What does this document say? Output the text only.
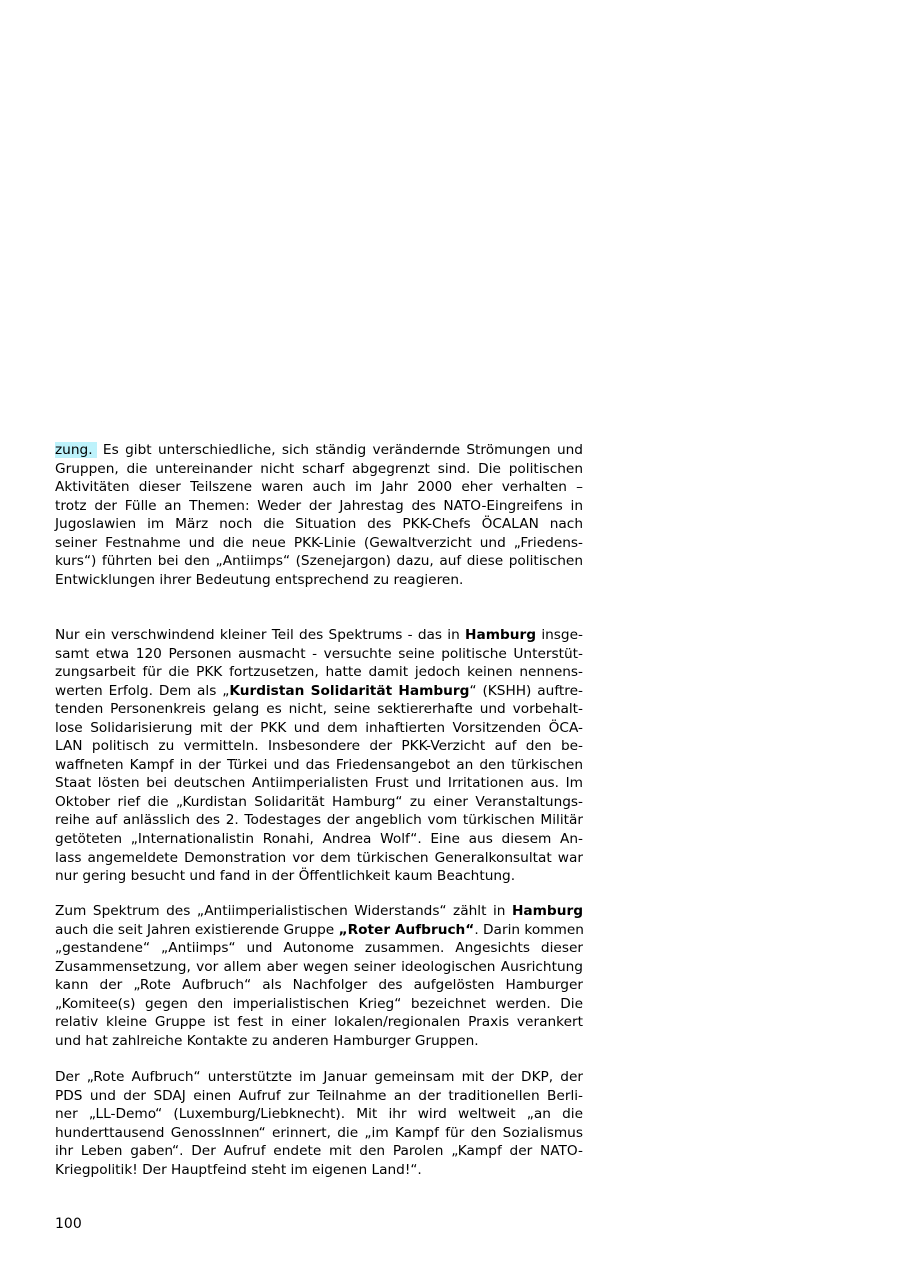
zung. Es gibt unterschiedliche, sich ständig verändernde Strömungen und
Gruppen, die untereinander nicht scharf abgegrenzt sind. Die politischen
Aktivitäten dieser Teilszene waren auch im Jahr 2000 eher verhalten –
trotz der Fülle an Themen: Weder der Jahrestag des NATO-Eingreifens in
Jugoslawien im März noch die Situation des PKK-Chefs ÖCALAN nach
seiner Festnahme und die neue PKK-Linie (Gewaltverzicht und „Friedens-
kurs“) führten bei den „Antiimps“ (Szenejargon) dazu, auf diese politischen
Entwicklungen ihrer Bedeutung entsprechend zu reagieren.
Nur ein verschwindend kleiner Teil des Spektrums - das in Hamburg insge-
samt etwa 120 Personen ausmacht - versuchte seine politische Unterstüt-
zungsarbeit für die PKK fortzusetzen, hatte damit jedoch keinen nennens-
werten Erfolg. Dem als „Kurdistan Solidarität Hamburg“ (KSHH) auftre-
tenden Personenkreis gelang es nicht, seine sektiererhafte und vorbehalt-
lose Solidarisierung mit der PKK und dem inhaftierten Vorsitzenden ÖCA-
LAN politisch zu vermitteln. Insbesondere der PKK-Verzicht auf den be-
waffneten Kampf in der Türkei und das Friedensangebot an den türkischen
Staat lösten bei deutschen Antiimperialisten Frust und Irritationen aus. Im
Oktober rief die „Kurdistan Solidarität Hamburg“ zu einer Veranstaltungs-
reihe auf anlässlich des 2. Todestages der angeblich vom türkischen Militär
getöteten „Internationalistin Ronahi, Andrea Wolf“. Eine aus diesem An-
lass angemeldete Demonstration vor dem türkischen Generalkonsultat war
nur gering besucht und fand in der Öffentlichkeit kaum Beachtung.
Zum Spektrum des „Antiimperialistischen Widerstands“ zählt in Hamburg
auch die seit Jahren existierende Gruppe „Roter Aufbruch“. Darin kommen
„gestandene“ „Antiimps“ und Autonome zusammen. Angesichts dieser
Zusammensetzung, vor allem aber wegen seiner ideologischen Ausrichtung
kann der „Rote Aufbruch“ als Nachfolger des aufgelösten Hamburger
„Komitee(s) gegen den imperialistischen Krieg“ bezeichnet werden. Die
relativ kleine Gruppe ist fest in einer lokalen/regionalen Praxis verankert
und hat zahlreiche Kontakte zu anderen Hamburger Gruppen.
Der „Rote Aufbruch“ unterstützte im Januar gemeinsam mit der DKP, der
PDS und der SDAJ einen Aufruf zur Teilnahme an der traditionellen Berli-
ner „LL-Demo“ (Luxemburg/Liebknecht). Mit ihr wird weltweit „an die
hunderttausend GenossInnen“ erinnert, die „im Kampf für den Sozialismus
ihr Leben gaben“. Der Aufruf endete mit den Parolen „Kampf der NATO-
Kriegpolitik! Der Hauptfeind steht im eigenen Land!“.
100
